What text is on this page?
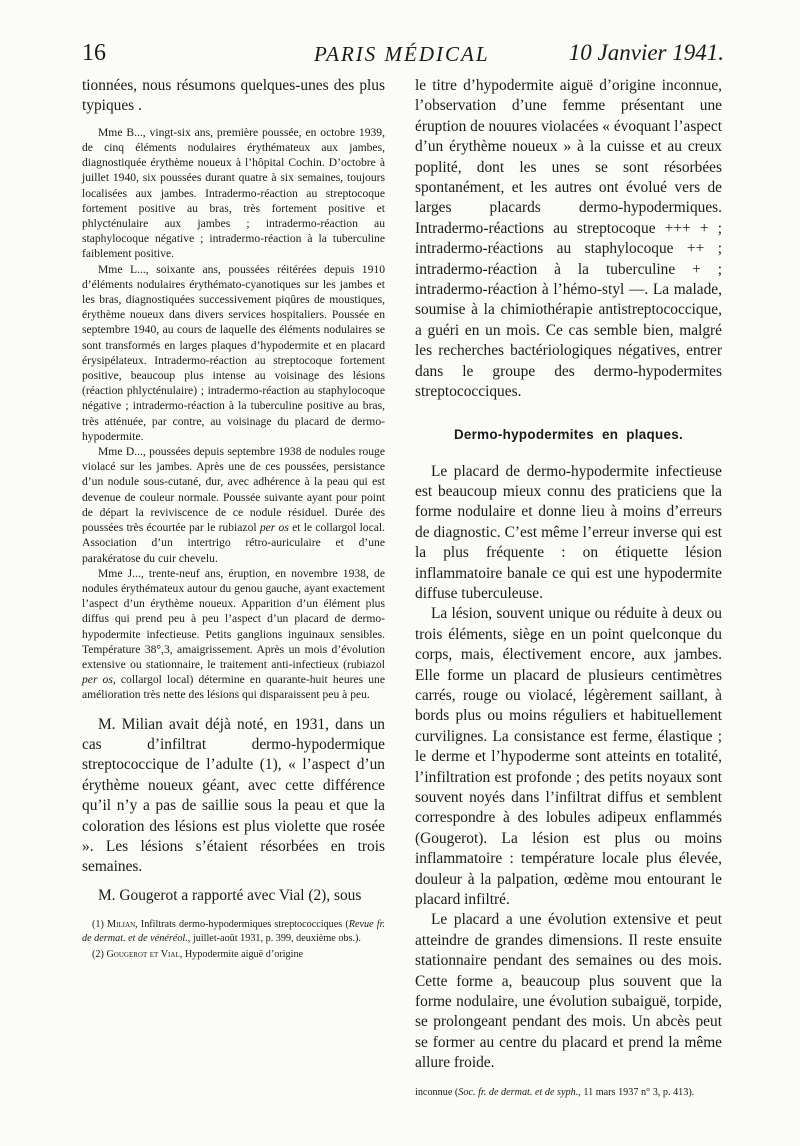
16	PARIS MÉDICAL	10 Janvier 1941.

tionnées, nous résumons quelques-unes des plus typiques .

Mme B..., vingt-six ans, première poussée, en octobre 1939, de cinq éléments nodulaires érythémateux aux jambes, diagnostiquée érythème noueux à l’hôpital Cochin. D’octobre à juillet 1940, six poussées durant quatre à six semaines, toujours localisées aux jambes. Intradermo-réaction au streptocoque fortement positive au bras, très fortement positive et phlycténulaire aux jambes ; intradermo-réaction au staphylocoque négative ; intradermo-réaction à la tuberculine faiblement positive.

Mme L..., soixante ans, poussées réitérées depuis 1910 d’éléments nodulaires érythémato-cyanotiques sur les jambes et les bras, diagnostiquées successivement piqûres de moustiques, érythème noueux dans divers services hospitaliers. Poussée en septembre 1940, au cours de laquelle des éléments nodulaires se sont transformés en larges plaques d’hypodermite et en placard érysipélateux. Intradermo-réaction au streptocoque fortement positive, beaucoup plus intense au voisinage des lésions (réaction phlycténulaire) ; intradermo-réaction au staphylocoque négative ; intradermo-réaction à la tuberculine positive au bras, très atténuée, par contre, au voisinage du placard de dermo-hypodermite.

Mme D..., poussées depuis septembre 1938 de nodules rouge violacé sur les jambes. Après une de ces poussées, persistance d’un nodule sous-cutané, dur, avec adhérence à la peau qui est devenue de couleur normale. Poussée suivante ayant pour point de départ la reviviscence de ce nodule résiduel. Durée des poussées très écourtée par le rubiazol per os et le collargol local. Association d’un intertrigo rétro-auriculaire et d’une parakératose du cuir chevelu.

Mme J..., trente-neuf ans, éruption, en novembre 1938, de nodules érythémateux autour du genou gauche, ayant exactement l’aspect d’un érythème noueux. Apparition d’un élément plus diffus qui prend peu à peu l’aspect d’un placard de dermo-hypodermite infectieuse. Petits ganglions inguinaux sensibles. Température 38°,3, amaigrissement. Après un mois d’évolution extensive ou stationnaire, le traitement anti-infectieux (rubiazol per os, collargol local) détermine en quarante-huit heures une amélioration très nette des lésions qui disparaissent peu à peu.

M. Milian avait déjà noté, en 1931, dans un cas d’infiltrat dermo-hypodermique streptococcique de l’adulte (1), « l’aspect d’un érythème noueux géant, avec cette différence qu’il n’y a pas de saillie sous la peau et que la coloration des lésions est plus violette que rosée ». Les lésions s’étaient résorbées en trois semaines.

M. Gougerot a rapporté avec Vial (2), sous

(1) Milian, Infiltrats dermo-hypodermiques streptococciques (Revue fr. de dermat. et de vénéréol., juillet-août 1931, p. 399, deuxième obs.).

(2) Gougerot et Vial, Hypodermite aiguë d’origine

le titre d’hypodermite aiguë d’origine inconnue, l’observation d’une femme présentant une éruption de nouures violacées « évoquant l’aspect d’un érythème noueux » à la cuisse et au creux poplité, dont les unes se sont résorbées spontanément, et les autres ont évolué vers de larges placards dermo-hypodermiques. Intradermo-réactions au streptocoque +++ + ; intradermo-réactions au staphylocoque ++ ; intradermo-réaction à la tuberculine + ; intradermo-réaction à l’hémo-styl —. La malade, soumise à la chimiothérapie antistreptococcique, a guéri en un mois. Ce cas semble bien, malgré les recherches bactériologiques négatives, entrer dans le groupe des dermo-hypodermites streptococciques.

Dermo-hypodermites en plaques.

Le placard de dermo-hypodermite infectieuse est beaucoup mieux connu des praticiens que la forme nodulaire et donne lieu à moins d’erreurs de diagnostic. C’est même l’erreur inverse qui est la plus fréquente : on étiquette lésion inflammatoire banale ce qui est une hypodermite diffuse tuberculeuse.

La lésion, souvent unique ou réduite à deux ou trois éléments, siège en un point quelconque du corps, mais, électivement encore, aux jambes. Elle forme un placard de plusieurs centimètres carrés, rouge ou violacé, légèrement saillant, à bords plus ou moins réguliers et habituellement curvilignes. La consistance est ferme, élastique ; le derme et l’hypoderme sont atteints en totalité, l’infiltration est profonde ; des petits noyaux sont souvent noyés dans l’infiltrat diffus et semblent correspondre à des lobules adipeux enflammés (Gougerot). La lésion est plus ou moins inflammatoire : température locale plus élevée, douleur à la palpation, œdème mou entourant le placard infiltré.

Le placard a une évolution extensive et peut atteindre de grandes dimensions. Il reste ensuite stationnaire pendant des semaines ou des mois. Cette forme a, beaucoup plus souvent que la forme nodulaire, une évolution subaiguë, torpide, se prolongeant pendant des mois. Un abcès peut se former au centre du placard et prend la même allure froide.

inconnue (Soc. fr. de dermat. et de syph., 11 mars 1937 n° 3, p. 413).
